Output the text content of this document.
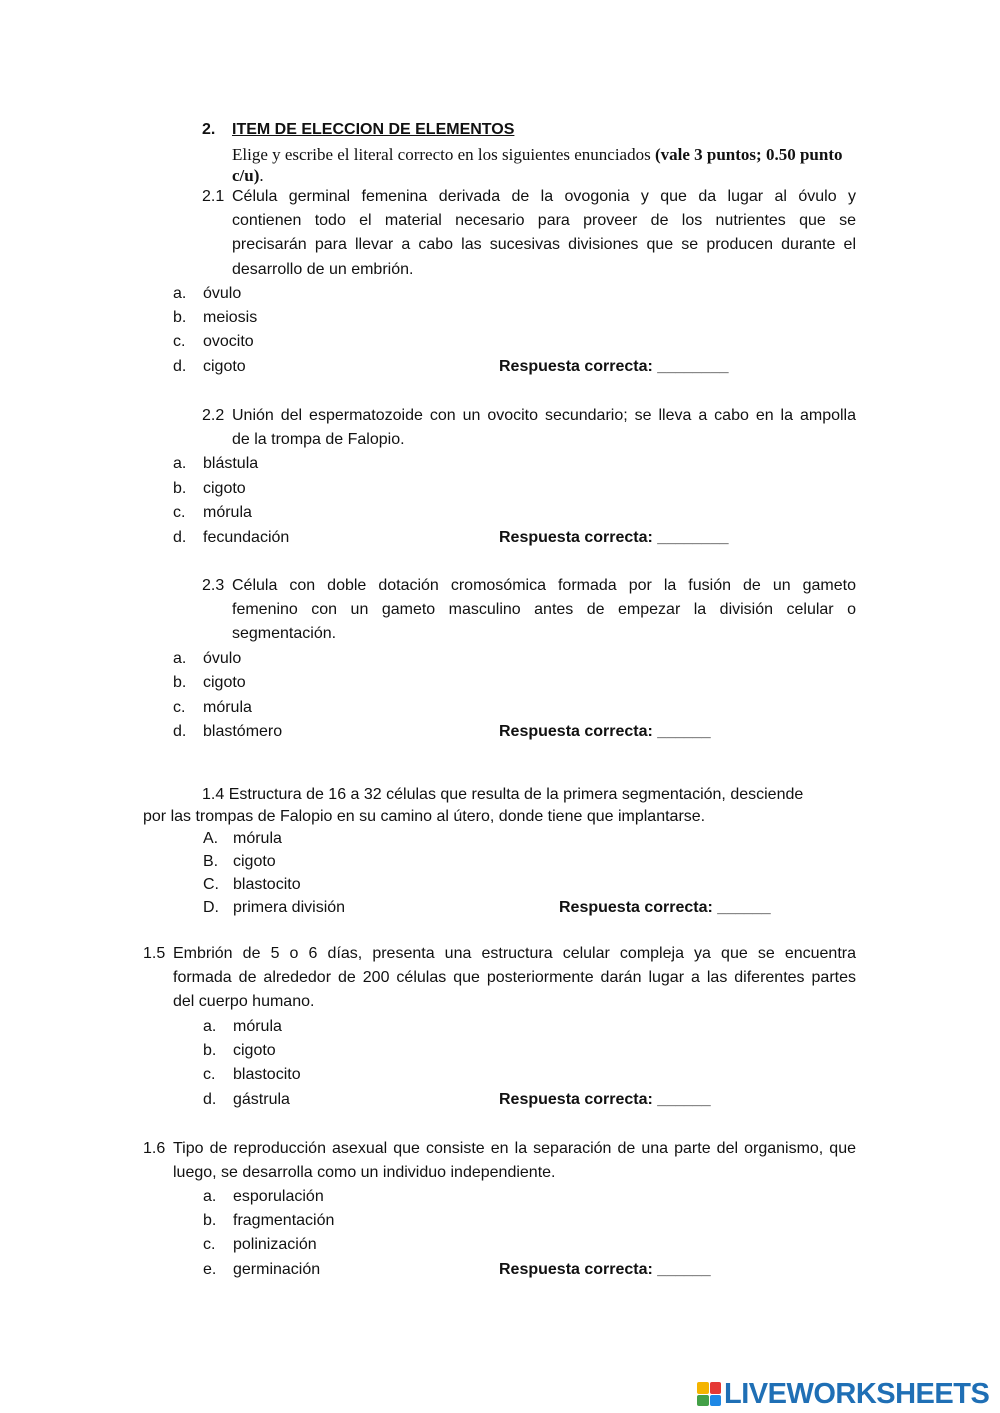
2. ITEM DE ELECCION DE ELEMENTOS
Elige y escribe el literal correcto en los siguientes enunciados (vale 3 puntos; 0.50 punto
c/u).
2.1 Célula germinal femenina derivada de la ovogonia y que da lugar al óvulo y
contienen todo el material necesario para proveer de los nutrientes que se
precisarán para llevar a cabo las sucesivas divisiones que se producen durante el
desarrollo de un embrión.
a. óvulo
b. meiosis
c. ovocito
d. cigoto	Respuesta correcta: ________
2.2 Unión del espermatozoide con un ovocito secundario; se lleva a cabo en la ampolla
de la trompa de Falopio.
a. blástula
b. cigoto
c. mórula
d. fecundación	Respuesta correcta: ________
2.3 Célula con doble dotación cromosómica formada por la fusión de un gameto
femenino con un gameto masculino antes de empezar la división celular o
segmentación.
a. óvulo
b. cigoto
c. mórula
d. blastómero	Respuesta correcta: ______
1.4 Estructura de 16 a 32 células que resulta de la primera segmentación, desciende
por las trompas de Falopio en su camino al útero, donde tiene que implantarse.
A. mórula
B. cigoto
C. blastocito
D. primera división	Respuesta correcta: ______
1.5 Embrión de 5 o 6 días, presenta una estructura celular compleja ya que se encuentra
formada de alrededor de 200 células que posteriormente darán lugar a las diferentes partes
del cuerpo humano.
a. mórula
b. cigoto
c. blastocito
d. gástrula	Respuesta correcta: ______
1.6 Tipo de reproducción asexual que consiste en la separación de una parte del organismo, que
luego, se desarrolla como un individuo independiente.
a. esporulación
b. fragmentación
c. polinización
e. germinación	Respuesta correcta: ______
LIVEWORKSHEETS
